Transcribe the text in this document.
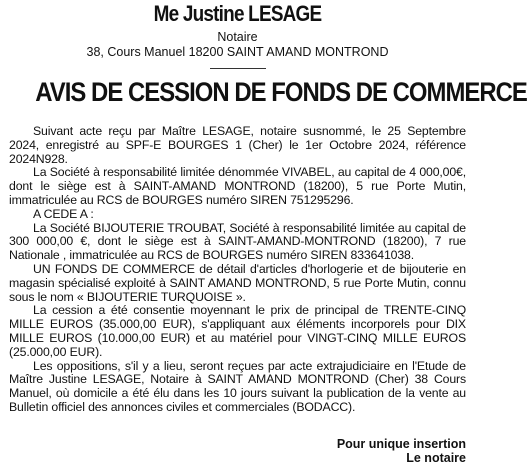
Me Justine LESAGE
Notaire
38, Cours Manuel 18200 SAINT AMAND MONTROND
AVIS DE CESSION DE FONDS DE COMMERCE

Suivant acte reçu par Maître LESAGE, notaire susnommé, le 25 Septembre 2024, enregistré au SPF-E BOURGES 1 (Cher) le 1er Octobre 2024, référence 2024N928.

La Société à responsabilité limitée dénommée VIVABEL, au capital de 4 000,00€, dont le siège est à SAINT-AMAND MONTROND (18200), 5 rue Porte Mutin, immatriculée au RCS de BOURGES numéro SIREN 751295296.

A CEDE A :

La Société BIJOUTERIE TROUBAT, Société à responsabilité limitée au capital de 300 000,00 €, dont le siège est à SAINT-AMAND-MONTROND (18200), 7 rue Nationale , immatriculée au RCS de BOURGES numéro SIREN 833641038.

UN FONDS DE COMMERCE de détail d'articles d'horlogerie et de bijouterie en magasin spécialisé exploité à SAINT AMAND MONTROND, 5 rue Porte Mutin, connu sous le nom « BIJOUTERIE TURQUOISE ».

La cession a été consentie moyennant le prix de principal de TRENTE-CINQ MILLE EUROS (35.000,00 EUR), s'appliquant aux éléments incorporels pour DIX MILLE EUROS (10.000,00 EUR) et au matériel pour VINGT-CINQ MILLE EUROS (25.000,00 EUR).

Les oppositions, s'il y a lieu, seront reçues par acte extrajudiciaire en l'Etude de Maître Justine LESAGE, Notaire à SAINT AMAND MONTROND (Cher) 38 Cours Manuel, où domicile a été élu dans les 10 jours suivant la publication de la vente au Bulletin officiel des annonces civiles et commerciales (BODACC).

Pour unique insertion
Le notaire
